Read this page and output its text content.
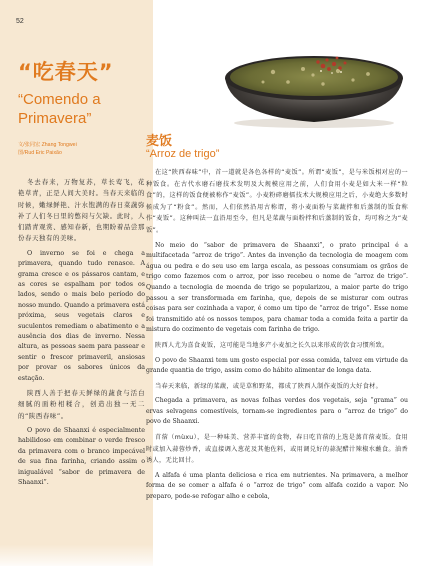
52
“吃春天”
“Comendo a Primavera”
文/张同宏 Zhang Tongwei
图/Rud Eric Paixão

冬去春来，万物复苏，草长莺飞，花艳草青，正是人间大美时。当春天来临的时候，嫩绿鲜艳、汁水饱满的春日菜蔬弥补了人们冬日里的憋闷与欠缺。此时，人们踏青观赏、感知春新，也期盼着品尝那份春天独有的美味。

O inverno se foi e chega a primavera, quando tudo renasce. A grama cresce e os pássaros cantam, e as cores se espalham por todos os lados, sendo o mais belo período do nosso mundo. Quando a primavera está próxima, seus vegetais claros e suculentos remediam o abatimento e a ausência dos dias de inverno. Nessa altura, as pessoas saem para passear e sentir o frescor primaveril, ansiosas por provar os sabores únicos da estação.

陕西人善于把春天鲜绿的蔬食与活白细腻的面粉相糅合，创造出独一无二的“陕西春味”。

O povo de Shaanxi é especialmente habilidoso em combinar o verde fresco da primavera com o branco impecável de sua fina farinha, criando assim o inigualável “sabor de primavera de Shaanxi”.

麦饭
“Arroz de trigo”

在这“陕西春味”中，首一道就是各色各样的“麦饭”。所谓“麦饭”，是与米饭相对应的一种饭食。在古代水磨石磨技术发明及大规模应用之前，人们食用小麦是如大米一样“粒食”的，这样的饭食便被称作“麦饭”。小麦粉碎磨擂技术大规模应用之后，小麦绝大多数时候成为了“粉食”。然而，人们依然沿用古称谓，将小麦面粉与菜蔬拌和后蒸制的饭食称作“麦饭”。这种叫法一直沿用至今，但凡是菜蔬与面粉拌和后蒸制的饭食，均可称之为“麦饭”。

No meio do “sabor de primavera de Shaanxi”, o prato principal é a multifacetada “arroz de trigo”. Antes da invenção da tecnologia de moagem com água ou pedra e do seu uso em larga escala, as pessoas consumiam os grãos de trigo como fazemos com o arroz, por isso recebeu o nome de “arroz de trigo”. Quando a tecnologia de moenda de trigo se popularizou, a maior parte do trigo passou a ser transformada em farinha, que, depois de se misturar com outras coisas para ser cozinhada a vapor, é como um tipo de “arroz de trigo”. Esse nome foi transmitido até os nossos tempos, para chamar toda a comida feita a partir da mistura do cozimento de vegetais com farinha de trigo.

陕西人尤为喜食麦饭，这可能是当地多产小麦加之长久以来形成的饮食习惯所致。

O povo de Shaanxi tem um gosto especial por essa comida, talvez em virtude da grande quantia de trigo, assim como do hábito alimentar de longa data.

当春天来临，新绿的菜蔬，或是草和野菜，都成了陕西人制作麦饭的大好食材。

Chegada a primavera, as novas folhas verdes dos vegetais, seja “grama” ou ervas selvagens comestíveis, tornam-se ingredientes para o “arroz de trigo” do povo de Shaanxi.

苜蓿（mùxu），是一种味美、营养丰富的食物，春日吃苜蓿的上选是蒸苜蓿麦饭。食用时或加入蒜蓉炒香，或直接调入葱花及其他佐料，或用调兑好的蒜泥醋汁辣椒水蘸食。油香诱人，无比回甘。

A alfafa é uma planta deliciosa e rica em nutrientes. Na primavera, a melhor forma de se comer a alfafa é o “arroz de trigo” com alfafa cozido a vapor. No preparo, pode-se refogar alho e cebola,
